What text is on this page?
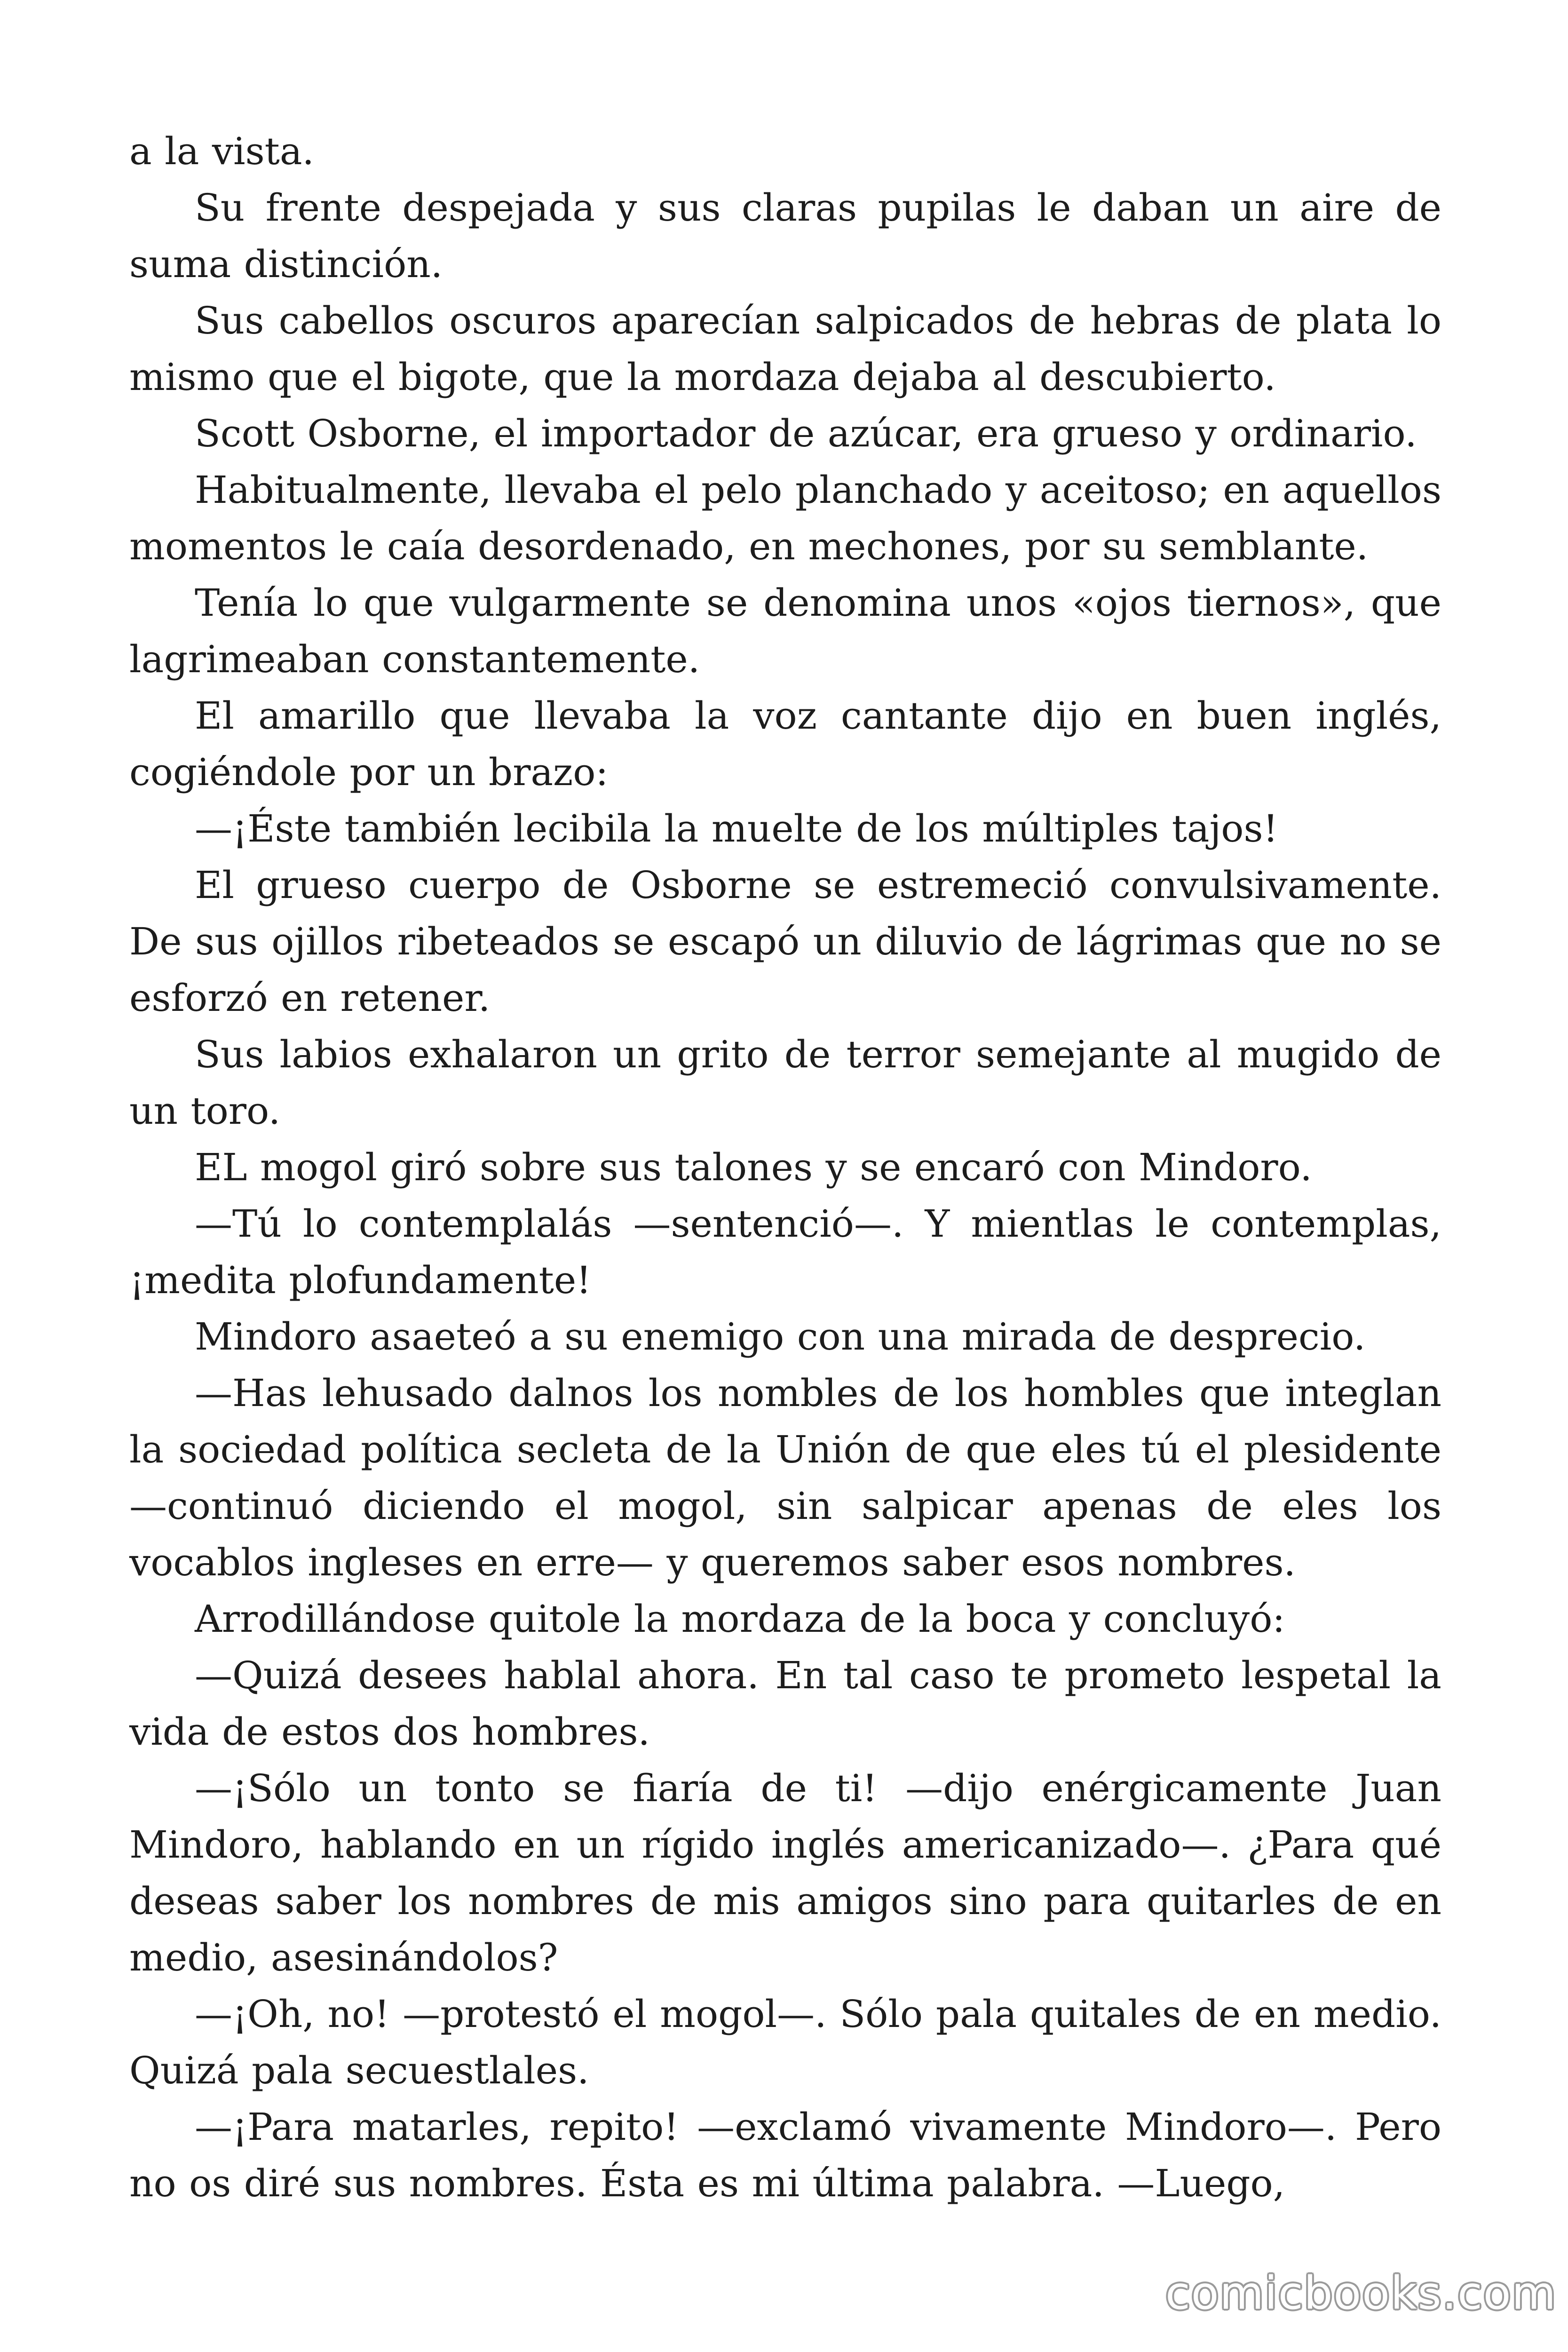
a la vista.

Su frente despejada y sus claras pupilas le daban un aire de suma distinción.

Sus cabellos oscuros aparecían salpicados de hebras de plata lo mismo que el bigote, que la mordaza dejaba al descubierto.

Scott Osborne, el importador de azúcar, era grueso y ordinario.

Habitualmente, llevaba el pelo planchado y aceitoso; en aquellos momentos le caía desordenado, en mechones, por su semblante.

Tenía lo que vulgarmente se denomina unos «ojos tiernos», que lagrimeaban constantemente.

El amarillo que llevaba la voz cantante dijo en buen inglés, cogiéndole por un brazo:

—¡Éste también lecibila la muelte de los múltiples tajos!

El grueso cuerpo de Osborne se estremeció convulsivamente. De sus ojillos ribeteados se escapó un diluvio de lágrimas que no se esforzó en retener.

Sus labios exhalaron un grito de terror semejante al mugido de un toro.

EL mogol giró sobre sus talones y se encaró con Mindoro.

—Tú lo contemplalás —sentenció—. Y mientlas le contemplas, ¡medita plofundamente!

Mindoro asaeteó a su enemigo con una mirada de desprecio.

—Has lehusado dalnos los nombles de los hombles que integlan la sociedad política secleta de la Unión de que eles tú el plesidente —continuó diciendo el mogol, sin salpicar apenas de eles los vocablos ingleses en erre— y queremos saber esos nombres.

Arrodillándose quitole la mordaza de la boca y concluyó:

—Quizá desees hablal ahora. En tal caso te prometo lespetal la vida de estos dos hombres.

—¡Sólo un tonto se fiaría de ti! —dijo enérgicamente Juan Mindoro, hablando en un rígido inglés americanizado—. ¿Para qué deseas saber los nombres de mis amigos sino para quitarles de en medio, asesinándolos?

—¡Oh, no! —protestó el mogol—. Sólo pala quitales de en medio. Quizá pala secuestlales.

—¡Para matarles, repito! —exclamó vivamente Mindoro—. Pero no os diré sus nombres. Ésta es mi última palabra. —Luego,

comicbooks.com
